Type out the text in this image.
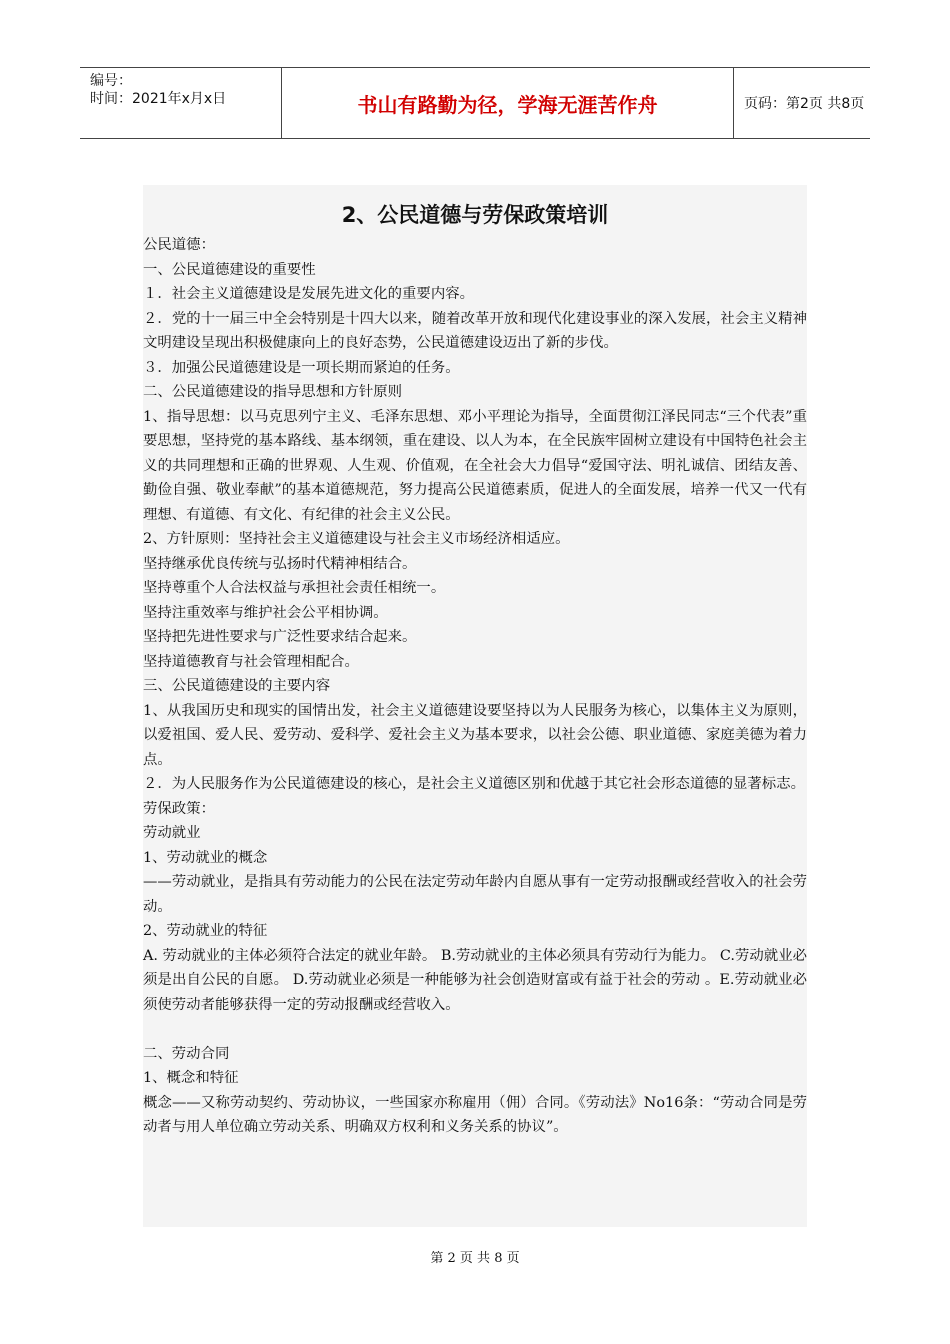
编号：
时间：2021年x月x日	书山有路勤为径，学海无涯苦作舟	页码：第2页 共8页
2、公民道德与劳保政策培训
公民道德：
一、公民道德建设的重要性
１．社会主义道德建设是发展先进文化的重要内容。
２．党的十一届三中全会特别是十四大以来，随着改革开放和现代化建设事业的深入发展，社会主义精神文明建设呈现出积极健康向上的良好态势，公民道德建设迈出了新的步伐。
３．加强公民道德建设是一项长期而紧迫的任务。
二、公民道德建设的指导思想和方针原则
1、指导思想：以马克思列宁主义、毛泽东思想、邓小平理论为指导，全面贯彻江泽民同志“三个代表”重要思想，坚持党的基本路线、基本纲领，重在建设、以人为本，在全民族牢固树立建设有中国特色社会主义的共同理想和正确的世界观、人生观、价值观，在全社会大力倡导“爱国守法、明礼诚信、团结友善、勤俭自强、敬业奉献”的基本道德规范，努力提高公民道德素质，促进人的全面发展，培养一代又一代有理想、有道德、有文化、有纪律的社会主义公民。
2、方针原则：坚持社会主义道德建设与社会主义市场经济相适应。
坚持继承优良传统与弘扬时代精神相结合。
坚持尊重个人合法权益与承担社会责任相统一。
坚持注重效率与维护社会公平相协调。
坚持把先进性要求与广泛性要求结合起来。
坚持道德教育与社会管理相配合。
三、公民道德建设的主要内容
1、从我国历史和现实的国情出发，社会主义道德建设要坚持以为人民服务为核心，以集体主义为原则，以爱祖国、爱人民、爱劳动、爱科学、爱社会主义为基本要求，以社会公德、职业道德、家庭美德为着力点。
２．为人民服务作为公民道德建设的核心，是社会主义道德区别和优越于其它社会形态道德的显著标志。
劳保政策：
劳动就业
1、劳动就业的概念
——劳动就业，是指具有劳动能力的公民在法定劳动年龄内自愿从事有一定劳动报酬或经营收入的社会劳动。
2、劳动就业的特征
A. 劳动就业的主体必须符合法定的就业年龄。 B.劳动就业的主体必须具有劳动行为能力。 C.劳动就业必须是出自公民的自愿。 D.劳动就业必须是一种能够为社会创造财富或有益于社会的劳动 。E.劳动就业必须使劳动者能够获得一定的劳动报酬或经营收入。
二、劳动合同
1、概念和特征
概念——又称劳动契约、劳动协议，一些国家亦称雇用（佣）合同。《劳动法》No16条：“劳动合同是劳动者与用人单位确立劳动关系、明确双方权利和义务关系的协议”。
第 2 页 共 8 页
